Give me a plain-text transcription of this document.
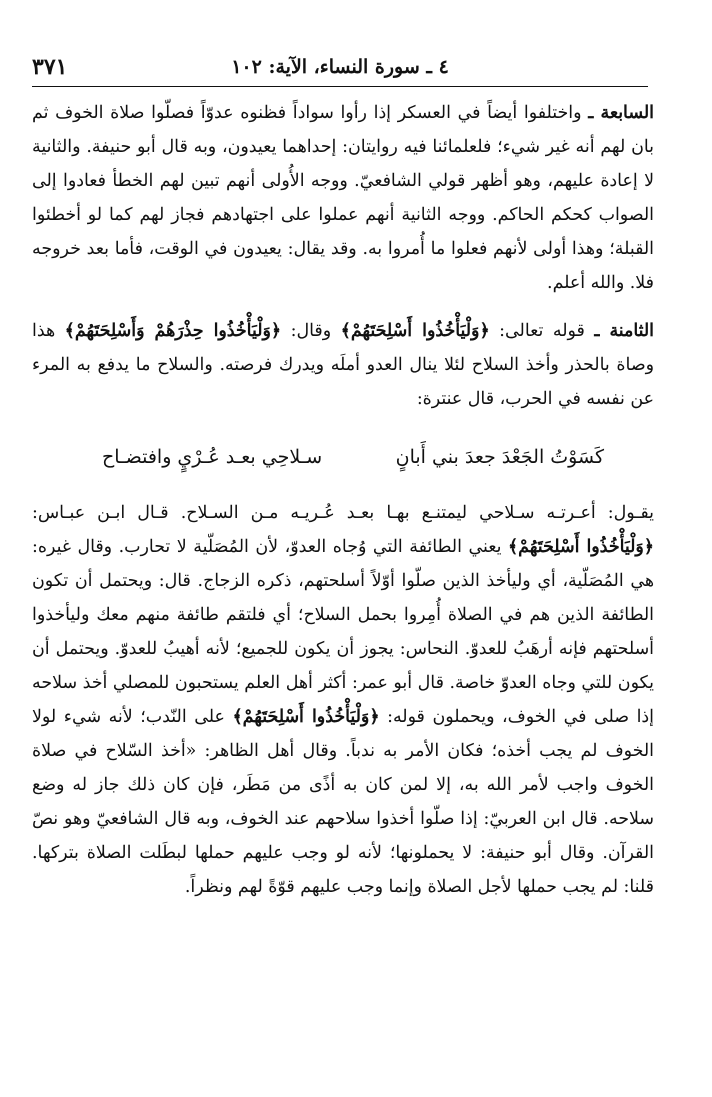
٣٧١	٤ ـ سورة النساء، الآية: ١٠٢

السابعة ـ واختلفوا أيضاً في العسكر إذا رأوا سواداً فظنوه عدوّاً فصلّوا صلاة الخوف ثم بان لهم أنه غير شيء؛ فلعلمائنا فيه روايتان: إحداهما يعيدون، وبه قال أبو حنيفة. والثانية لا إعادة عليهم، وهو أظهر قولي الشافعيّ. ووجه الأُولى أنهم تبين لهم الخطأ فعادوا إلى الصواب كحكم الحاكم. ووجه الثانية أنهم عملوا على اجتهادهم فجاز لهم كما لو أخطئوا القبلة؛ وهذا أولى لأنهم فعلوا ما أُمروا به. وقد يقال: يعيدون في الوقت، فأما بعد خروجه فلا. والله أعلم.

الثامنة ـ قوله تعالى: ﴿وَلْيَأْخُذُوا أَسْلِحَتَهُمْ﴾ وقال: ﴿وَلْيَأْخُذُوا حِذْرَهُمْ وَأَسْلِحَتَهُمْ﴾ هذا وصاة بالحذر وأخذ السلاح لئلا ينال العدو أملَه ويدرك فرصته. والسلاح ما يدفع به المرء عن نفسه في الحرب، قال عنترة:

كَسَوْتُ الجَعْدَ جعدَ بني أَبانٍ
سـلاحِي بعـد عُـرْيٍ وافتضـاح

يقـول: أعـرتـه سـلاحي ليمتنـع بهـا بعـد عُـريـه مـن السـلاح. قـال ابـن عبـاس: ﴿وَلْيَأْخُذُوا أَسْلِحَتَهُمْ﴾ يعني الطائفة التي وُجاه العدوّ، لأن المُصَلّية لا تحارب. وقال غيره: هي المُصَلّية، أي وليأخذ الذين صلّوا أوّلاً أسلحتهم، ذكره الزجاج. قال: ويحتمل أن تكون الطائفة الذين هم في الصلاة أُمِروا بحمل السلاح؛ أي فلتقم طائفة منهم معك وليأخذوا أسلحتهم فإنه أرهَبُ للعدوّ. النحاس: يجوز أن يكون للجميع؛ لأنه أهيبُ للعدوّ. ويحتمل أن يكون للتي وجاه العدوّ خاصة. قال أبو عمر: أكثر أهل العلم يستحبون للمصلي أخذ سلاحه إذا صلى في الخوف، ويحملون قوله: ﴿وَلْيَأْخُذُوا أَسْلِحَتَهُمْ﴾ على النّدب؛ لأنه شيء لولا الخوف لم يجب أخذه؛ فكان الأمر به ندباً. وقال أهل الظاهر: «أخذ السّلاح في صلاة الخوف واجب لأمر الله به، إلا لمن كان به أذًى من مَطَر، فإن كان ذلك جاز له وضع سلاحه. قال ابن العربيّ: إذا صلّوا أخذوا سلاحهم عند الخوف، وبه قال الشافعيّ وهو نصّ القرآن. وقال أبو حنيفة: لا يحملونها؛ لأنه لو وجب عليهم حملها لبطَلت الصلاة بتركها. قلنا: لم يجب حملها لأجل الصلاة وإنما وجب عليهم قوّةً لهم ونظراً.
